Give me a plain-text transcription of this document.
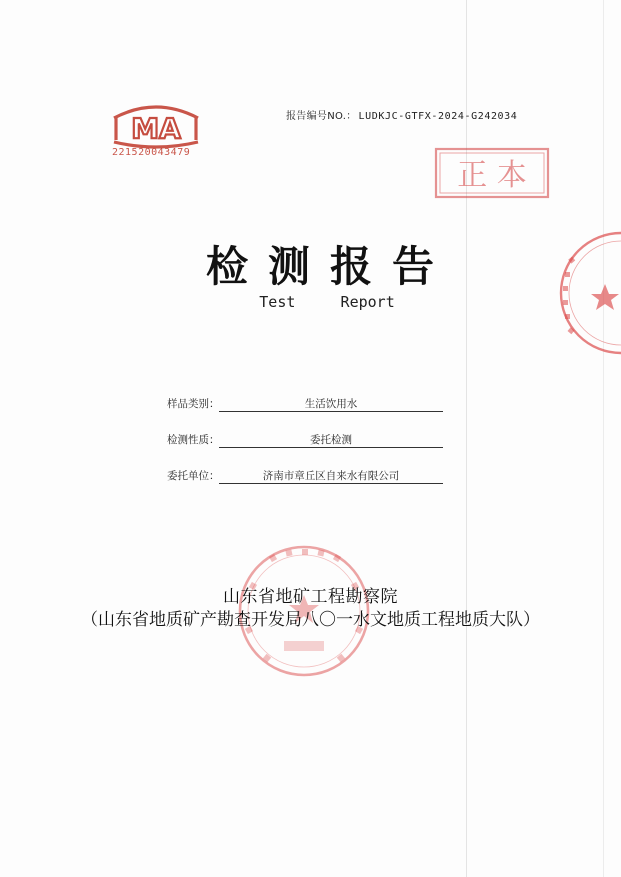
MA
221520043479
报告编号NO.： LUDKJC-GTFX-2024-G242034
正 本
检测报告
Test     Report
样品类别：	生活饮用水
检测性质：	委托检测
委托单位：	济南市章丘区自来水有限公司
山东省地矿工程勘察院
（山东省地质矿产勘查开发局八〇一水文地质工程地质大队）
